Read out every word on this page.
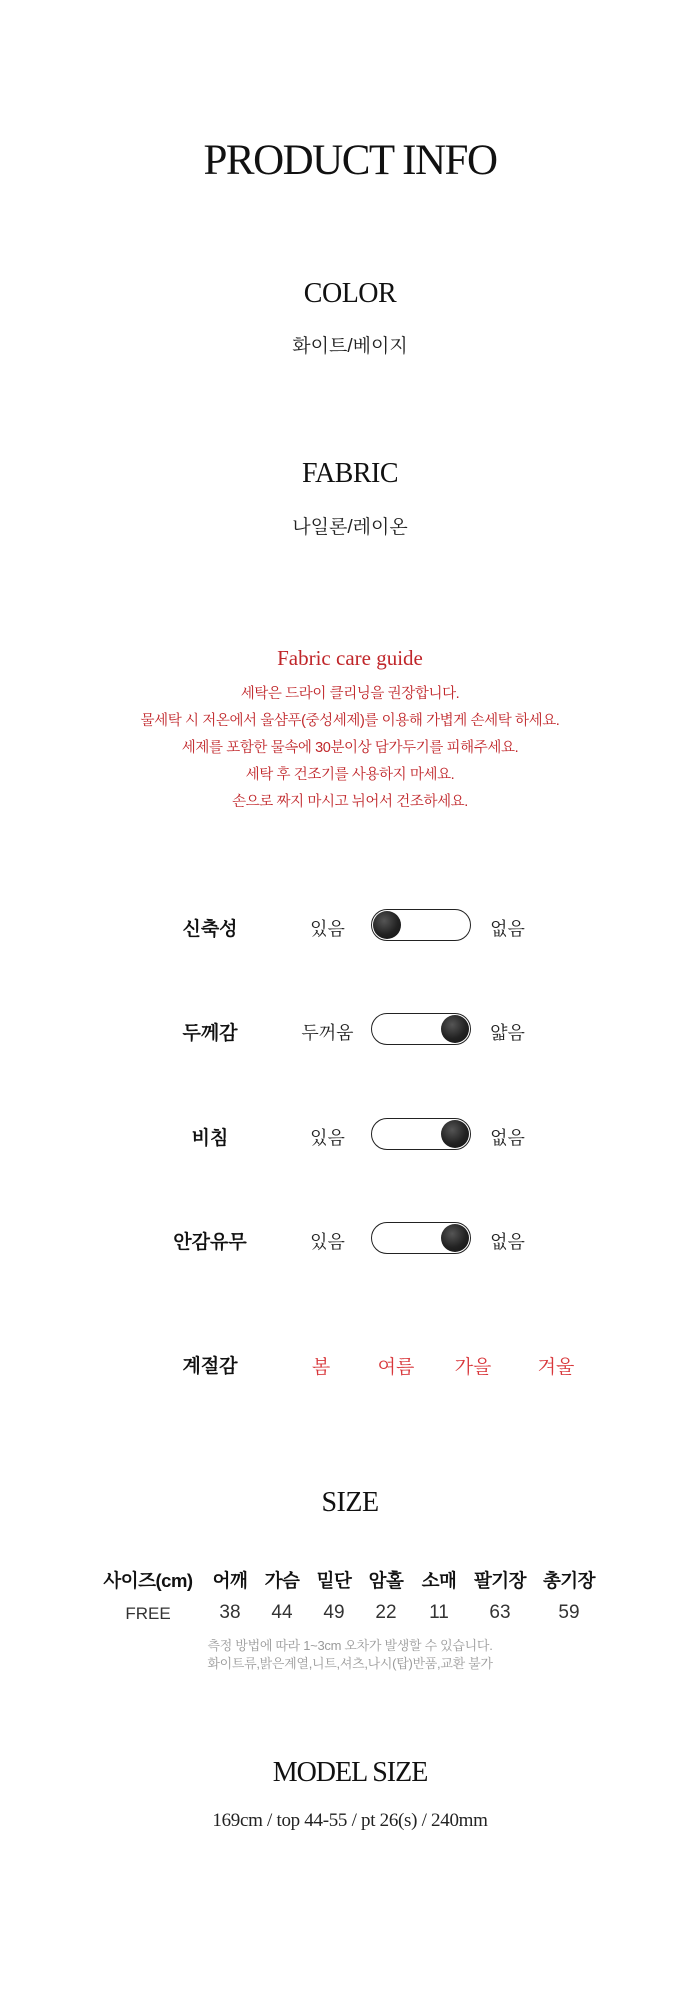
PRODUCT INFO
COLOR
화이트/베이지
FABRIC
나일론/레이온
Fabric care guide
세탁은 드라이 클리닝을 권장합니다.
물세탁 시 저온에서 울샴푸(중성세제)를 이용해 가볍게 손세탁 하세요.
세제를 포함한 물속에 30분이상 담가두기를 피해주세요.
세탁 후 건조기를 사용하지 마세요.
손으로 짜지 마시고 뉘어서 건조하세요.
신축성	있음	없음
두께감	두꺼움	얇음
비침	있음	없음
안감유무	있음	없음
계절감	봄	여름	가을	겨울
SIZE
사이즈(cm)	어깨 가슴 밑단 암홀 소매 팔기장 총기장
FREE	38	44	49	22	11	63	59
측정 방법에 따라 1~3cm 오차가 발생할 수 있습니다.
화이트류,밝은계열,니트,셔츠,나시(탑)반품,교환 불가
MODEL SIZE
169cm / top 44-55 / pt 26(s) / 240mm
